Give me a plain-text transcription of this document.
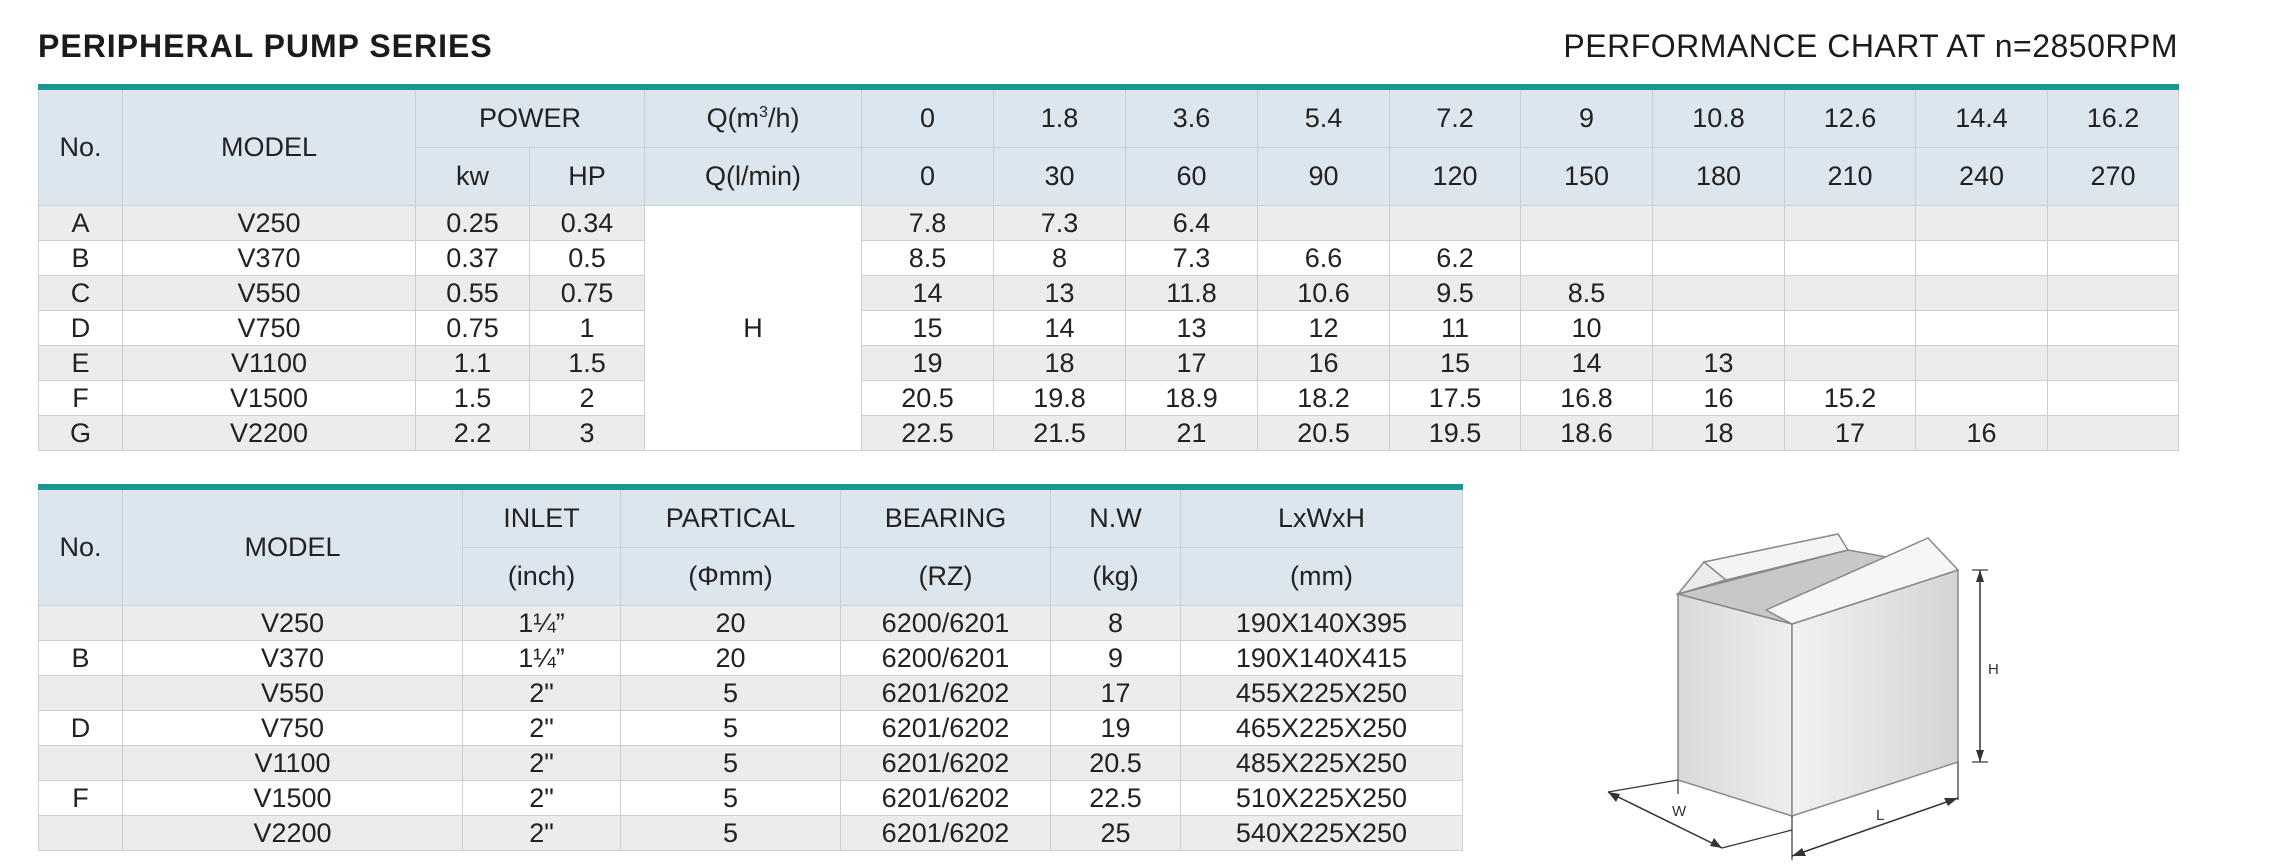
PERIPHERAL PUMP SERIES	PERFORMANCE CHART AT n=2850RPM
No.	MODEL	POWER		$Q(m^3/h)$	0	1.8	3.6	5.4	7.2	9	10.8	12.6	14.4	16.2
		kw	HP	Q(l/min)	0	30	60	90	120	150	180	210	240	270
A	V250	0.25	0.34	H	7.8	7.3	6.4							
B	V370	0.37	0.5		8.5	8	7.3	6.6	6.2					
C	V550	0.55	0.75		14	13	11.8	10.6	9.5	8.5				
D	V750	0.75	1		15	14	13	12	11	10				
E	V1100	1.1	1.5		19	18	17	16	15	14	13			
F	V1500	1.5	2		20.5	19.8	18.9	18.2	17.5	16.8	16	15.2		
G	V2200	2.2	3		22.5	21.5	21	20.5	19.5	18.6	18	17	16	
No.	MODEL	INLET	PARTICAL	BEARING	N.W	LxWxH
		(inch)	(Φmm)	(RZ)	(kg)	(mm)
	V250	1¼”	20	6200/6201	8	190X140X395
B	V370	1¼”	20	6200/6201	9	190X140X415
	V550	2"	5	6201/6202	17	455X225X250
D	V750	2"	5	6201/6202	19	465X225X250
	V1100	2"	5	6201/6202	20.5	485X225X250
F	V1500	2"	5	6201/6202	22.5	510X225X250
	V2200	2"	5	6201/6202	25	540X225X250
H
W	L
